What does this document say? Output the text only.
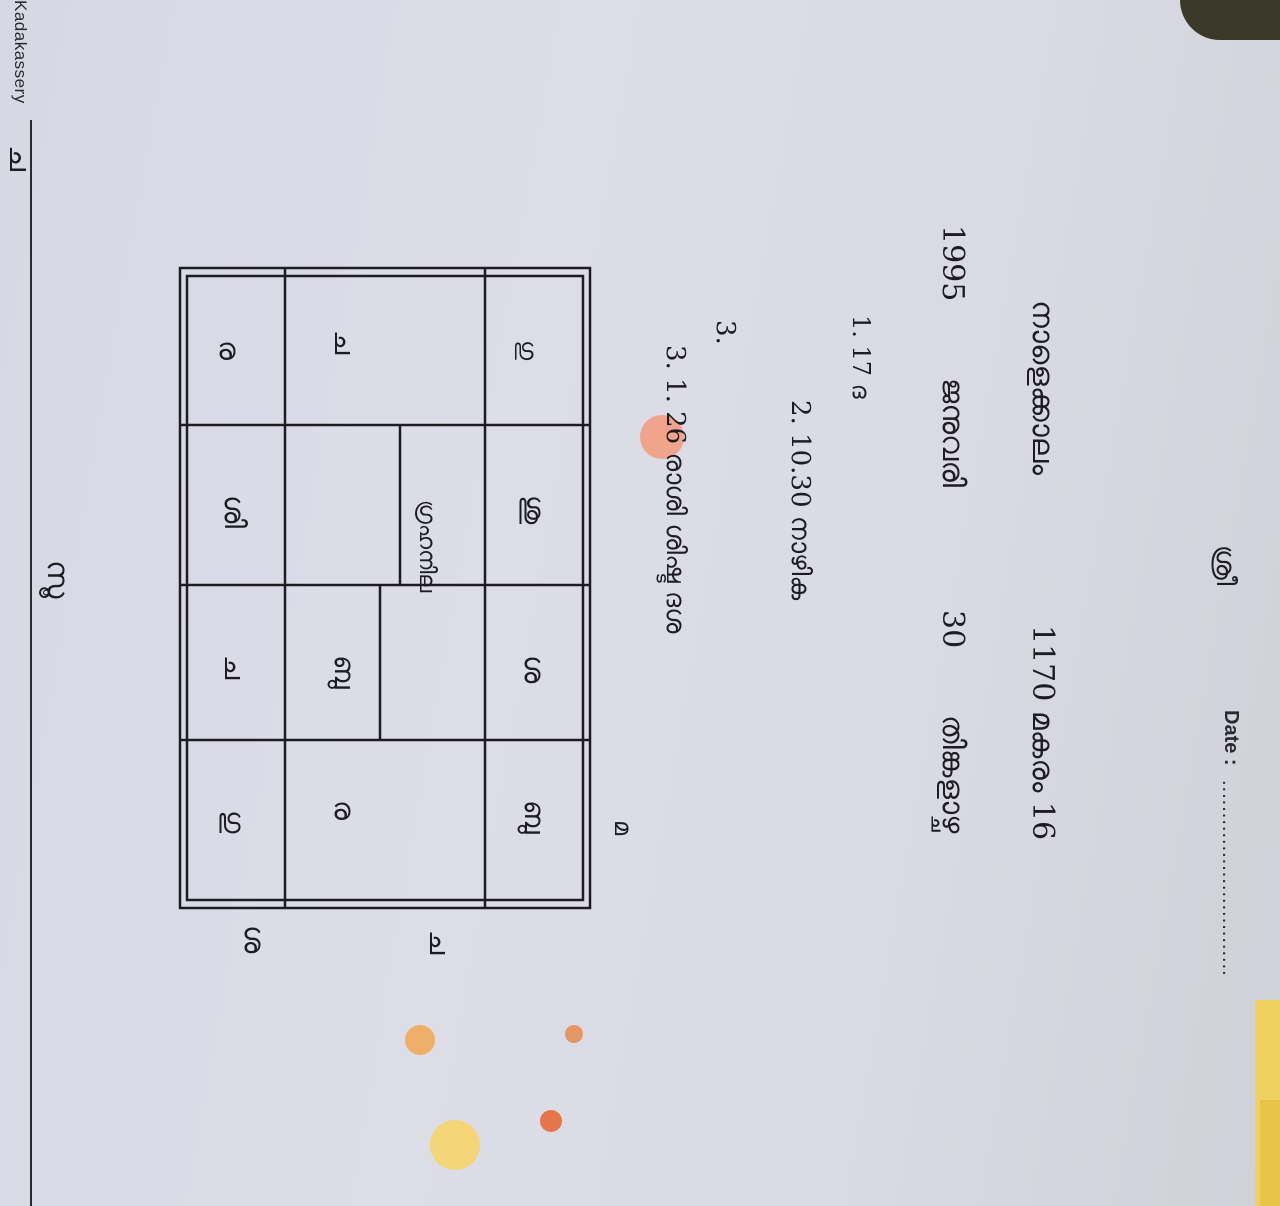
Kadakassery
Date :
..............................
ശ്രീ
നാളെക്കാലം
1170 മകരം 16
1995
ജനുവരി
30
തിങ്കളാഴ്ച
1. 17 ദ
2. 10.30 നാഴിക
3.
3. 1. 26 രാശി ശിഷ്ട ദശ
ഗ്രഹനില
സൂ
ച
മ
ച
ശ
ശു
ഗു
ര
ബു
ച
ച
ര
ശി
ഗു
ശ
ബു
